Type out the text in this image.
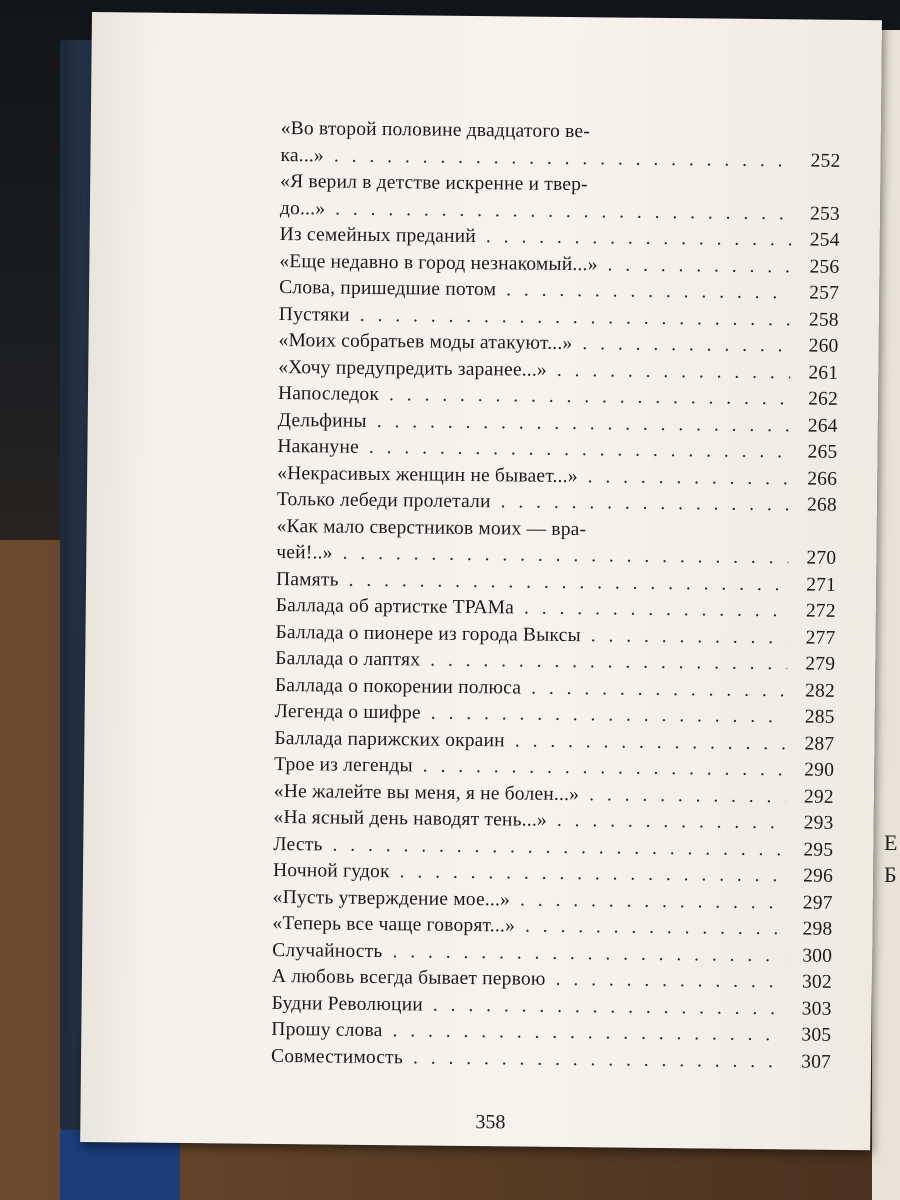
Е
Б
«Во второй половине двадцатого ве-
ка...» . . .	252
«Я верил в детстве искренне и твер-
до...» . . .	253
Из семейных преданий . . .	254
«Еще недавно в город незнакомый...» . . .	256
Слова, пришедшие потом . . .	257
Пустяки . . .	258
«Моих собратьев моды атакуют...» . . .	260
«Хочу предупредить заранее...» . . .	261
Напоследок . . .	262
Дельфины . . .	264
Накануне . . .	265
«Некрасивых женщин не бывает...» . . .	266
Только лебеди пролетали . . .	268
«Как мало сверстников моих — вра-
чей!..» . . .	270
Память . . .	271
Баллада об артистке ТРАМа . . .	272
Баллада о пионере из города Выксы . . .	277
Баллада о лаптях . . .	279
Баллада о покорении полюса . . .	282
Легенда о шифре . . .	285
Баллада парижских окраин . . .	287
Трое из легенды . . .	290
«Не жалейте вы меня, я не болен...» . . .	292
«На ясный день наводят тень...» . . .	293
Лесть . . .	295
Ночной гудок . . .	296
«Пусть утверждение мое...» . . .	297
«Теперь все чаще говорят...» . . .	298
Случайность . . .	300
А любовь всегда бывает первою . . .	302
Будни Революции . . .	303
Прошу слова . . .	305
Совместимость . . .	307
358
